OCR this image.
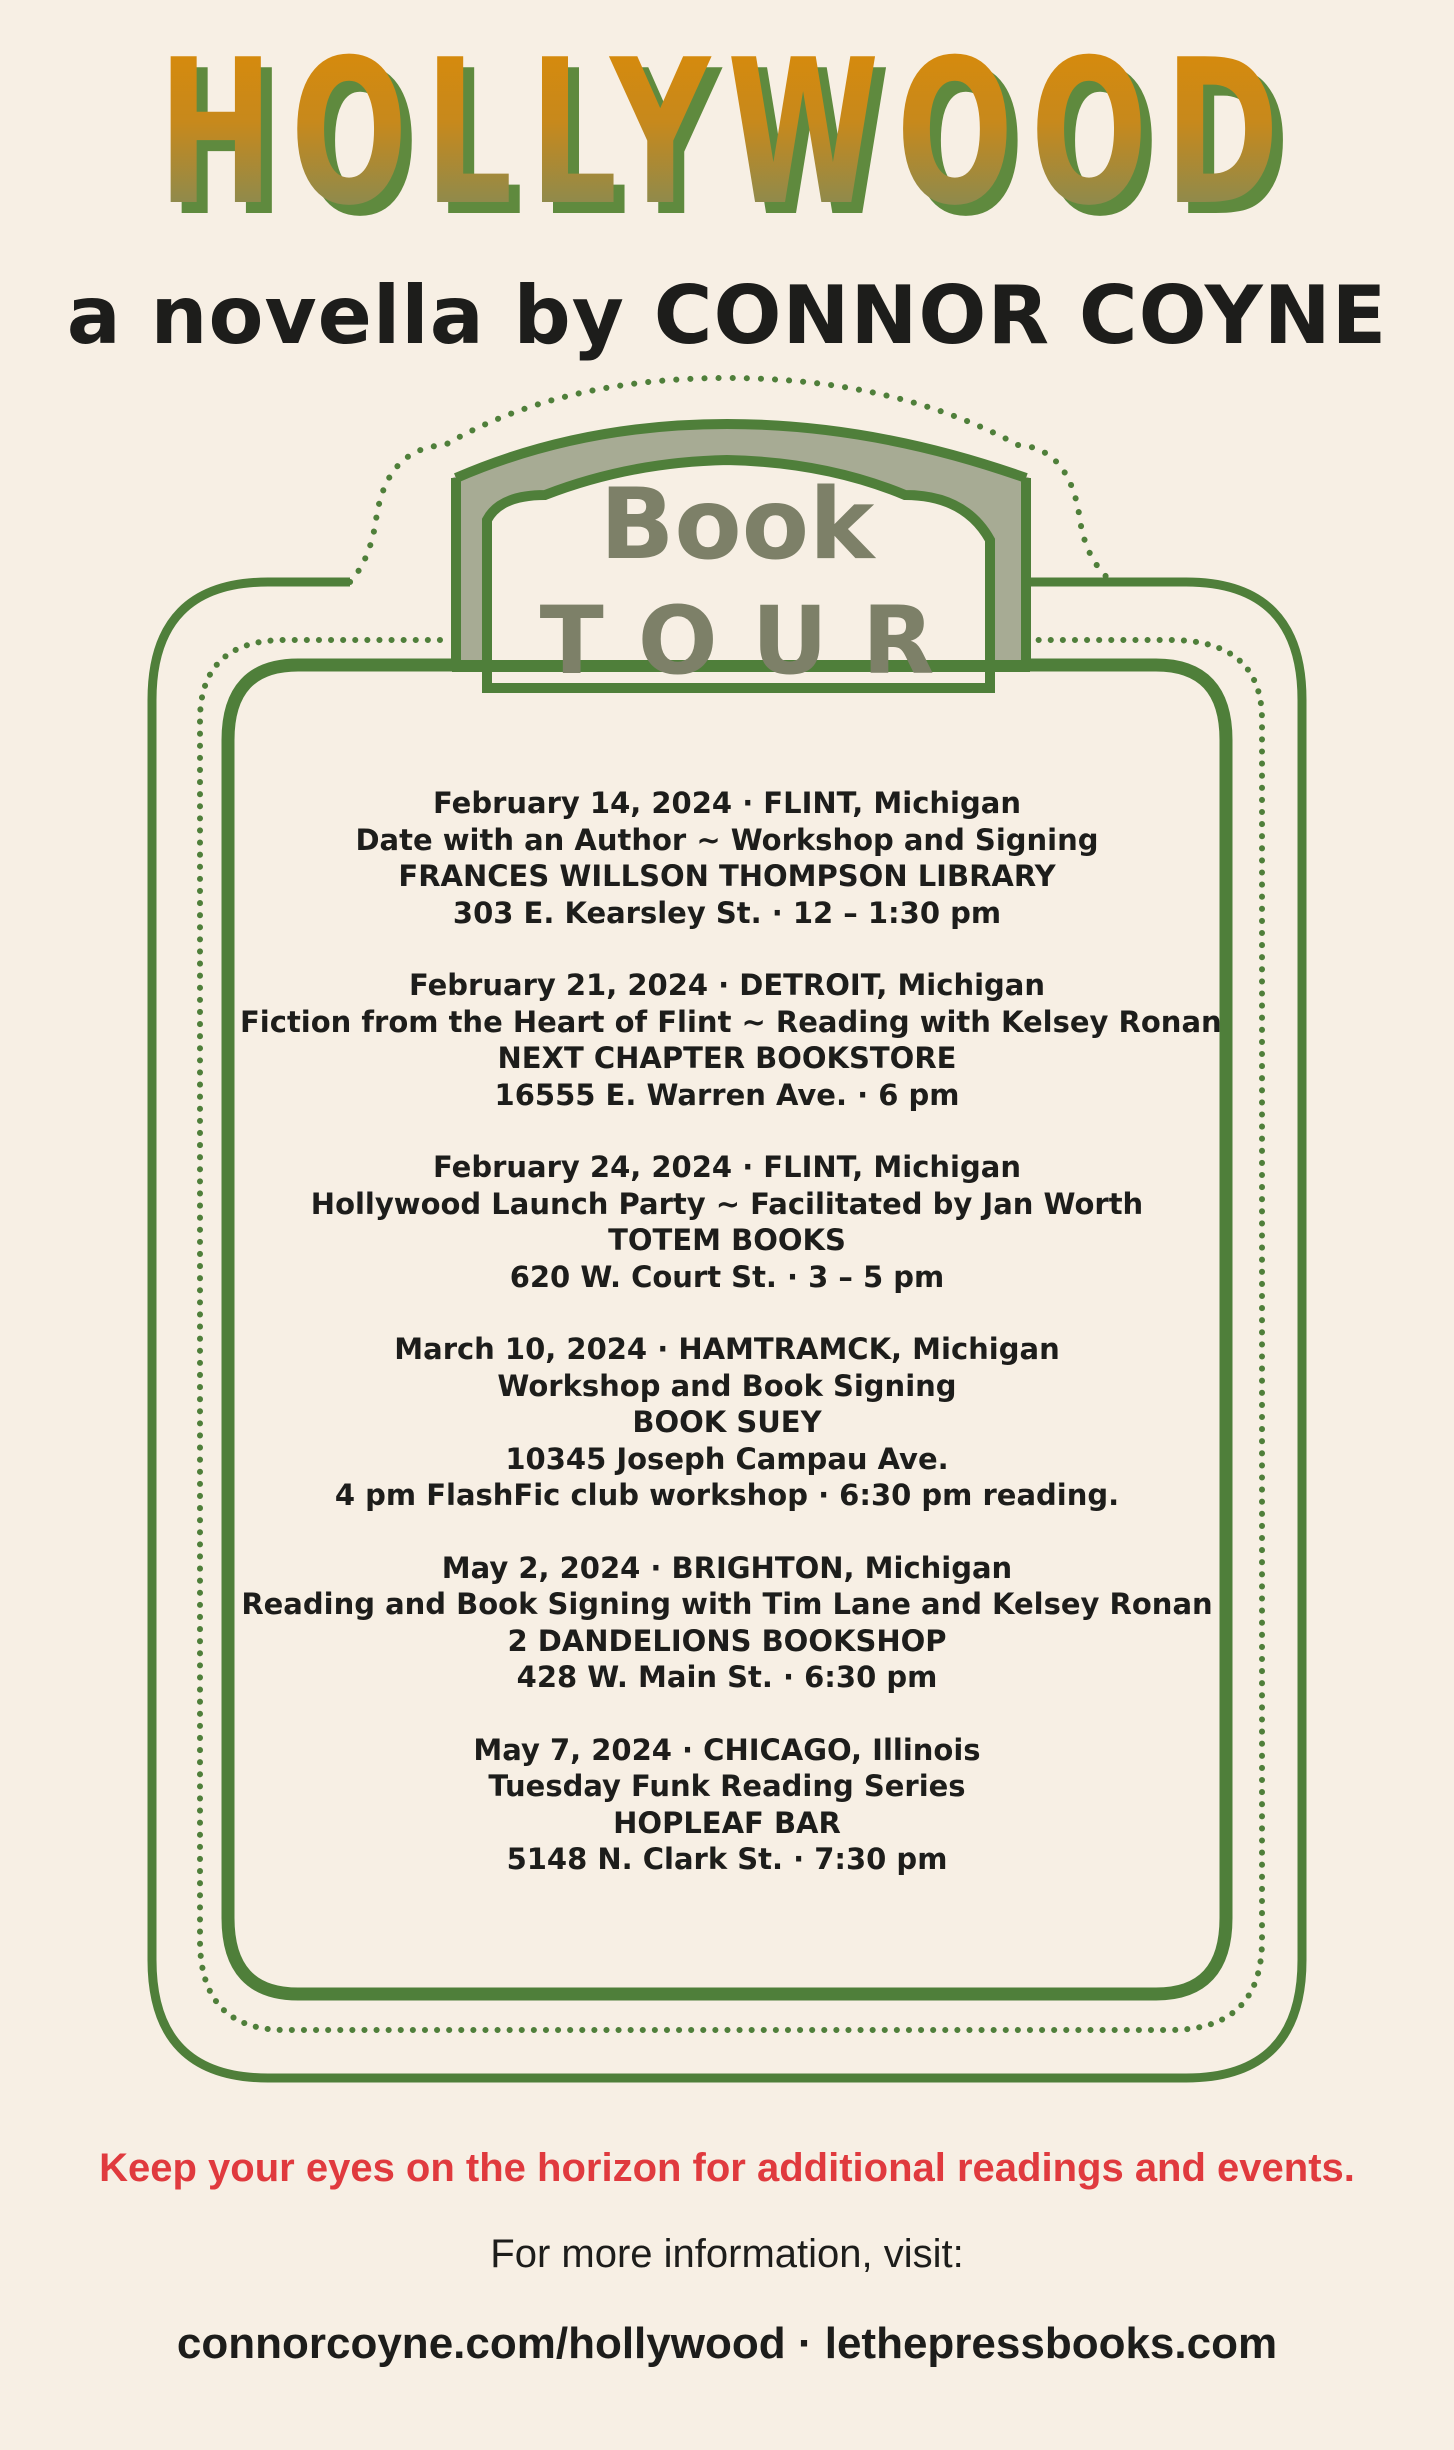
HOLLYWOOD
HOLLYWOOD
a novella by CONNOR COYNE
Book
TOUR
February 14, 2024 · FLINT, Michigan
Date with an Author ~ Workshop and Signing
FRANCES WILLSON THOMPSON LIBRARY
303 E. Kearsley St. · 12 – 1:30 pm
February 21, 2024 · DETROIT, Michigan
Fiction from the Heart of Flint ~ Reading with Kelsey Ronan
NEXT CHAPTER BOOKSTORE
16555 E. Warren Ave. · 6 pm
February 24, 2024 · FLINT, Michigan
Hollywood Launch Party ~ Facilitated by Jan Worth
TOTEM BOOKS
620 W. Court St. · 3 – 5 pm
March 10, 2024 · HAMTRAMCK, Michigan
Workshop and Book Signing
BOOK SUEY
10345 Joseph Campau Ave.
4 pm FlashFic club workshop · 6:30 pm reading.
May 2, 2024 · BRIGHTON, Michigan
Reading and Book Signing with Tim Lane and Kelsey Ronan
2 DANDELIONS BOOKSHOP
428 W. Main St. · 6:30 pm
May 7, 2024 · CHICAGO, Illinois
Tuesday Funk Reading Series
HOPLEAF BAR
5148 N. Clark St. · 7:30 pm
Keep your eyes on the horizon for additional readings and events.
For more information, visit:
connorcoyne.com/hollywood · lethepressbooks.com
